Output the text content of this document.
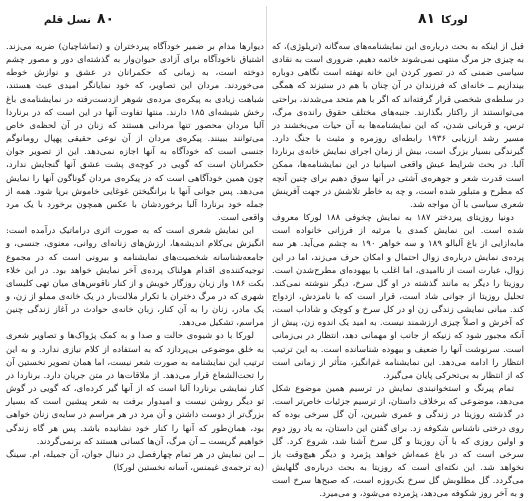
۸۰
نسل قلم

دیوارها مدام بر ضمیر خودآگاه پیردختران و (تماشاچیان) ضربه می‌زند. اشتیاق ناخودآگاه برای آزادی حیوان‌وار به گذشته‌ای دور و مصور چشم دوخته است، به زمانی که حکمرانان در عشق و نوازش خوطه می‌خوردند. مردان این تصاویر، که خود نمایانگر امیدی عبث هستند، شباهت زیادی به پیکره‌ی مرده‌ی شوهر ازدست‌رفته در نمایشنامه‌ی باغ رخش شیشه‌ای ۱۸۵ دارند. منتها تفاوت آنها در این است که در برناردا آلبا مردان محصور تنها مردانی هستند که زنان در آن لحظه‌ی خاص می‌توانند ببینند. پیکره‌ی مردان از آن نوعی حقیقی پهپال رومانوگم جنسی است که خودآگاه به آنها اجازه نمی‌دهد. این از تصویر جوان حکمرانان است که گویی در کوچه‌ی پشت عشق آنها گنجایش ندارد، چون همین خودآگاهی است که در پیکره‌ی مردان گوناگون آنها را نمایش می‌دهد. پس جوانی آنها با برانگیختن غوغایی خاموش برپا شود. همه از جمله خود برناردا آلبا برخوردشان با عکس همچون برخورد با یک مرد واقعی است.

این نمایش شعری است که به صورت اثری دراماتیک درآمده است: انگیزش بی‌کلام اندیشه‌ها، ارزش‌های زنانه‌ای روانی، معنوی، جنسی، و جامعه‌شناسانه شخصیت‌های نمایشنامه و بیرونی است که در مجموع توجیه‌کننده‌ی اقدام هولناک پرده‌ی آخر نمایش خواهد بود. در این خلاء بکت ۱۸۶ واز زبان روزگار خویش و از کنار ناقوس‌های میان تهی کلیسای شهری که در مرگ دختران با تکرار ملالت‌بار در یک خانه‌ی مملو از زن، و یک مادر، زنان را به آن کنار، زبان خانه‌ی حوادث در آغاز زندگی چنین مراسم، تشکیل می‌دهد.

لورکا با دو شیوه‌ی حالت و صدا و به کمک پژواک‌ها و تصاویر شعری به خلق موضوعی بی‌پردازد که به استفاده از کلام نیازی ندارد. و به این ترتیب این نمایشنامه به صورت شعر نیست، اما همان تصویر نخستین آن را تحت‌الشعاع قرار می‌دهد. از ملاقات‌ها در متن جریان دارد. برناردا در کنار نمایشی برناردا آلبا است که از آنها گیر کرده‌ای، که گویی در گوش تو دیگر روشن نیست و امیدوار برفت به شعر پیشین است که بسیار بزرگ‌تر از دوست داشتن و آن مرد در هر مراسم در سایه‌ی زنان خواهی بود، همان‌طور که آنها را کنار خود نشانیده باشد. پس هر گاه زندگی خواهیم گریست ــ آن مرگ، آن‌ها کسانی هستند که برنمی‌گردند.

ــ این نمایش در هر تمام چهارفصل در دنبال جوان، آن جمیله، ام. سینگ (به ترجمه‌ی غیمنس، آسانه نخستین لورکا)

لورکا
۸۱

قبل از اینکه به بحث درباره‌ی این نمایشنامه‌های سه‌گانه (تریلوژی)، که به چیزی جز مرگ منتهی نمی‌شوند خاتمه دهیم، ضروری است به نقادی سیاسی ضمنی که در تصور کردن این خانه نهفته است نگاهی دوباره بیندازیم ــ خانه‌ای که فرزندان در آن چنان با هم در ستیزند که همگی در سلطه‌ی شخصی قرار گرفته‌اند که اگر با هم متحد می‌شدند، براحتی می‌توانستند از راکتار بگذارند. جنبه‌های مختلف حقوق رانده‌ی مرگ، ترس، و قربانی شدن، که این نمایشنامه‌ها به آن حیات می‌بخشند در مسیر رشد ارزیابی ۱۹۳۶ رابطه‌ای روزمره و مثبت با جنگ دارد. گیرندگی بسیار بزرگ است، بیش از زمان اجرای نمایش خانه‌ی برناردا آلبا. در بحث شرایط عیش واقعی اسپانیا در این نمایشنامه‌ها، ممکن است قدرت شعر و جوهره‌ی آشتی در آنها سوق دهیم برای چنین آنچه که مطرح و متبلور شده است، و چه به خاطر تلاشش در جهت آفرینش شعری سیاسی با آن مواجه شد.

دونیا روزیتای پیردختر ۱۸۷ به نمایش چخوفی ۱۸۸ لورکا معروف شده است. این نمایش کمدی یا مرثیه از فرزانی خانواده است مابه‌ازایی از باغ آلبالو ۱۸۹ و سه خواهر ۱۹۰ به چشم می‌آید. هر سه پرده‌ی نمایش درباره‌ی زوال احتمال و امکان حرف می‌زند، اما در این زوال، عبارت است از ناامیدی، اما اغلب با بیهوده‌ای مطرح‌شدن است. روزیتا را دیگر به مانند گذشته در او گل سرخ، دیگر ننوشته نمی‌کند. تحلیل روزیتا از جوانی شاد است، قرار است که با نامزدش، ازدواج کند. مبانی نمایشی زندگی زن او در کل سرخ و کوچک و شاداب است، که آخرش و اصلاً چیزی ارزشمند نیست. به امید یک اندوه زن، پیش از آنکه مجبور شود که زنیکه از جانب او مهمانی دهد، انتظار در بی‌زمانی است. سرنوشت آنها را ضعیف و بیهوده شناسانده است. به این ترتیب انتظار را ادامه می‌دهد. این نمایشنامه غم‌انگیز، متأثر از زمانی است که از انتظار به بی‌تحرکی پایان می‌گیرد.

تمام پیرنگ و استخوانبندی نمایش در ترسیم همین موضوع شکل می‌دهد، موضوعی که برخلاف داستان، از ترسیم جزئیات خاص‌تر است. در گذشته روزیتا در زندگی و عمری شیرین، آن گل سرخی بوده که روی درختی ناشناس شکوفه زد. برای گفتن این داستان، به یاد روز دوم و اولین روزی که با آن روزیتا و گل سرخ آشنا شد، شروع کرد. گل سرخی است که در باغ عمه‌اش خواهد پژمرد و دیگر هیچ‌وقت باز نخواهد شد. این نکته‌ای است که روزیتا به بحث درباره‌ی گلهایش می‌گردد. گل مطلوبش گل سرخ بک‌روزه است، که صبح‌ها سرخ است و به آخر روز شکوفه می‌دهد، پژمرده می‌شود، و می‌میرد.
